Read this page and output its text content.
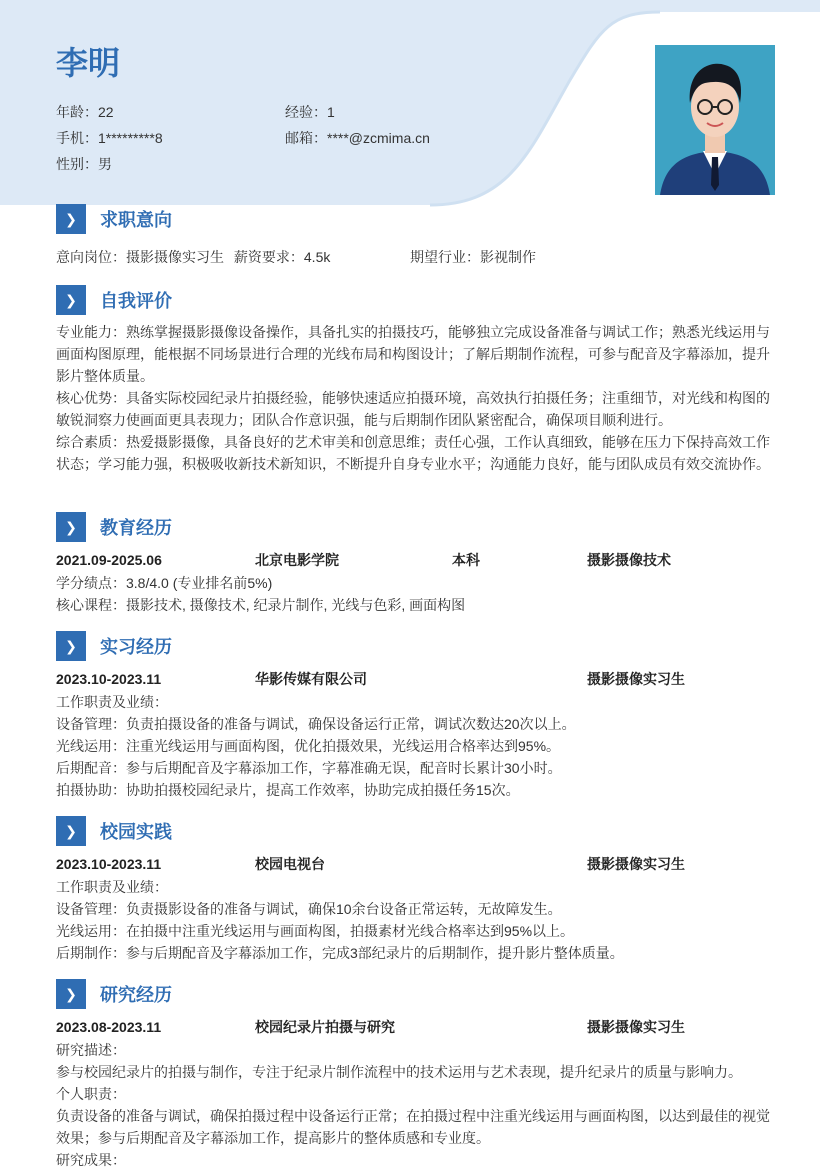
李明
年龄：22	经验：1
手机：1*********8	邮箱：****@zcmima.cn
性别：男
❯	求职意向
意向岗位：摄影摄像实习生 薪资要求：4.5k	期望行业：影视制作
❯	自我评价
专业能力：熟练掌握摄影摄像设备操作，具备扎实的拍摄技巧，能够独立完成设备准备与调试工作；熟悉光线运用与画面构图原理，能根据不同场景进行合理的光线布局和构图设计；了解后期制作流程，可参与配音及字幕添加，提升影片整体质量。
核心优势：具备实际校园纪录片拍摄经验，能够快速适应拍摄环境，高效执行拍摄任务；注重细节，对光线和构图的敏锐洞察力使画面更具表现力；团队合作意识强，能与后期制作团队紧密配合，确保项目顺利进行。
综合素质：热爱摄影摄像，具备良好的艺术审美和创意思维；责任心强，工作认真细致，能够在压力下保持高效工作状态；学习能力强，积极吸收新技术新知识，不断提升自身专业水平；沟通能力良好，能与团队成员有效交流协作。
❯	教育经历
2021.09-2025.06	北京电影学院	本科	摄影摄像技术
学分绩点：3.8/4.0 (专业排名前5%)
核心课程：摄影技术, 摄像技术, 纪录片制作, 光线与色彩, 画面构图
❯	实习经历
2023.10-2023.11	华影传媒有限公司	摄影摄像实习生
工作职责及业绩：
设备管理：负责拍摄设备的准备与调试，确保设备运行正常，调试次数达20次以上。
光线运用：注重光线运用与画面构图，优化拍摄效果，光线运用合格率达到95%。
后期配音：参与后期配音及字幕添加工作，字幕准确无误，配音时长累计30小时。
拍摄协助：协助拍摄校园纪录片，提高工作效率，协助完成拍摄任务15次。
❯	校园实践
2023.10-2023.11	校园电视台	摄影摄像实习生
工作职责及业绩：
设备管理：负责摄影设备的准备与调试，确保10余台设备正常运转，无故障发生。
光线运用：在拍摄中注重光线运用与画面构图，拍摄素材光线合格率达到95%以上。
后期制作：参与后期配音及字幕添加工作，完成3部纪录片的后期制作，提升影片整体质量。
❯	研究经历
2023.08-2023.11	校园纪录片拍摄与研究	摄影摄像实习生
研究描述：
参与校园纪录片的拍摄与制作，专注于纪录片制作流程中的技术运用与艺术表现，提升纪录片的质量与影响力。
个人职责：
负责设备的准备与调试，确保拍摄过程中设备运行正常；在拍摄过程中注重光线运用与画面构图，以达到最佳的视觉效果；参与后期配音及字幕添加工作，提高影片的整体质感和专业度。
研究成果：
